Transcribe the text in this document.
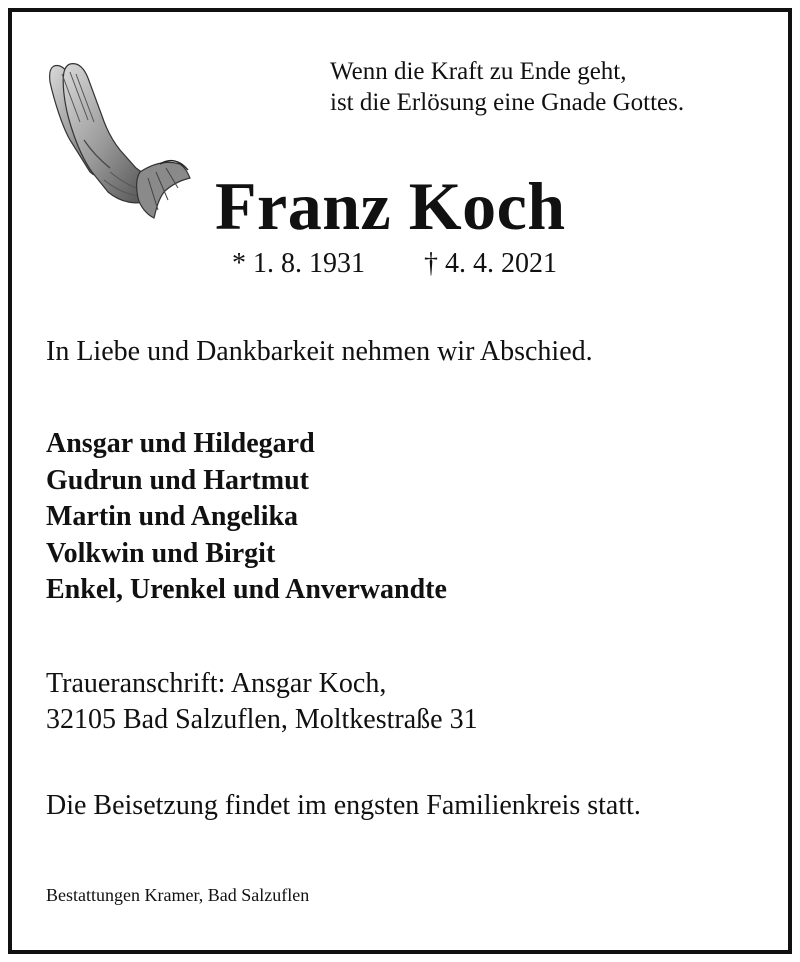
Wenn die Kraft zu Ende geht,
ist die Erlösung eine Gnade Gottes.
Franz Koch
* 1. 8. 1931 † 4. 4. 2021
In Liebe und Dankbarkeit nehmen wir Abschied.
Ansgar und Hildegard
Gudrun und Hartmut
Martin und Angelika
Volkwin und Birgit
Enkel, Urenkel und Anverwandte
Traueranschrift: Ansgar Koch,
32105 Bad Salzuflen, Moltkestraße 31
Die Beisetzung findet im engsten Familienkreis statt.
Bestattungen Kramer, Bad Salzuflen
